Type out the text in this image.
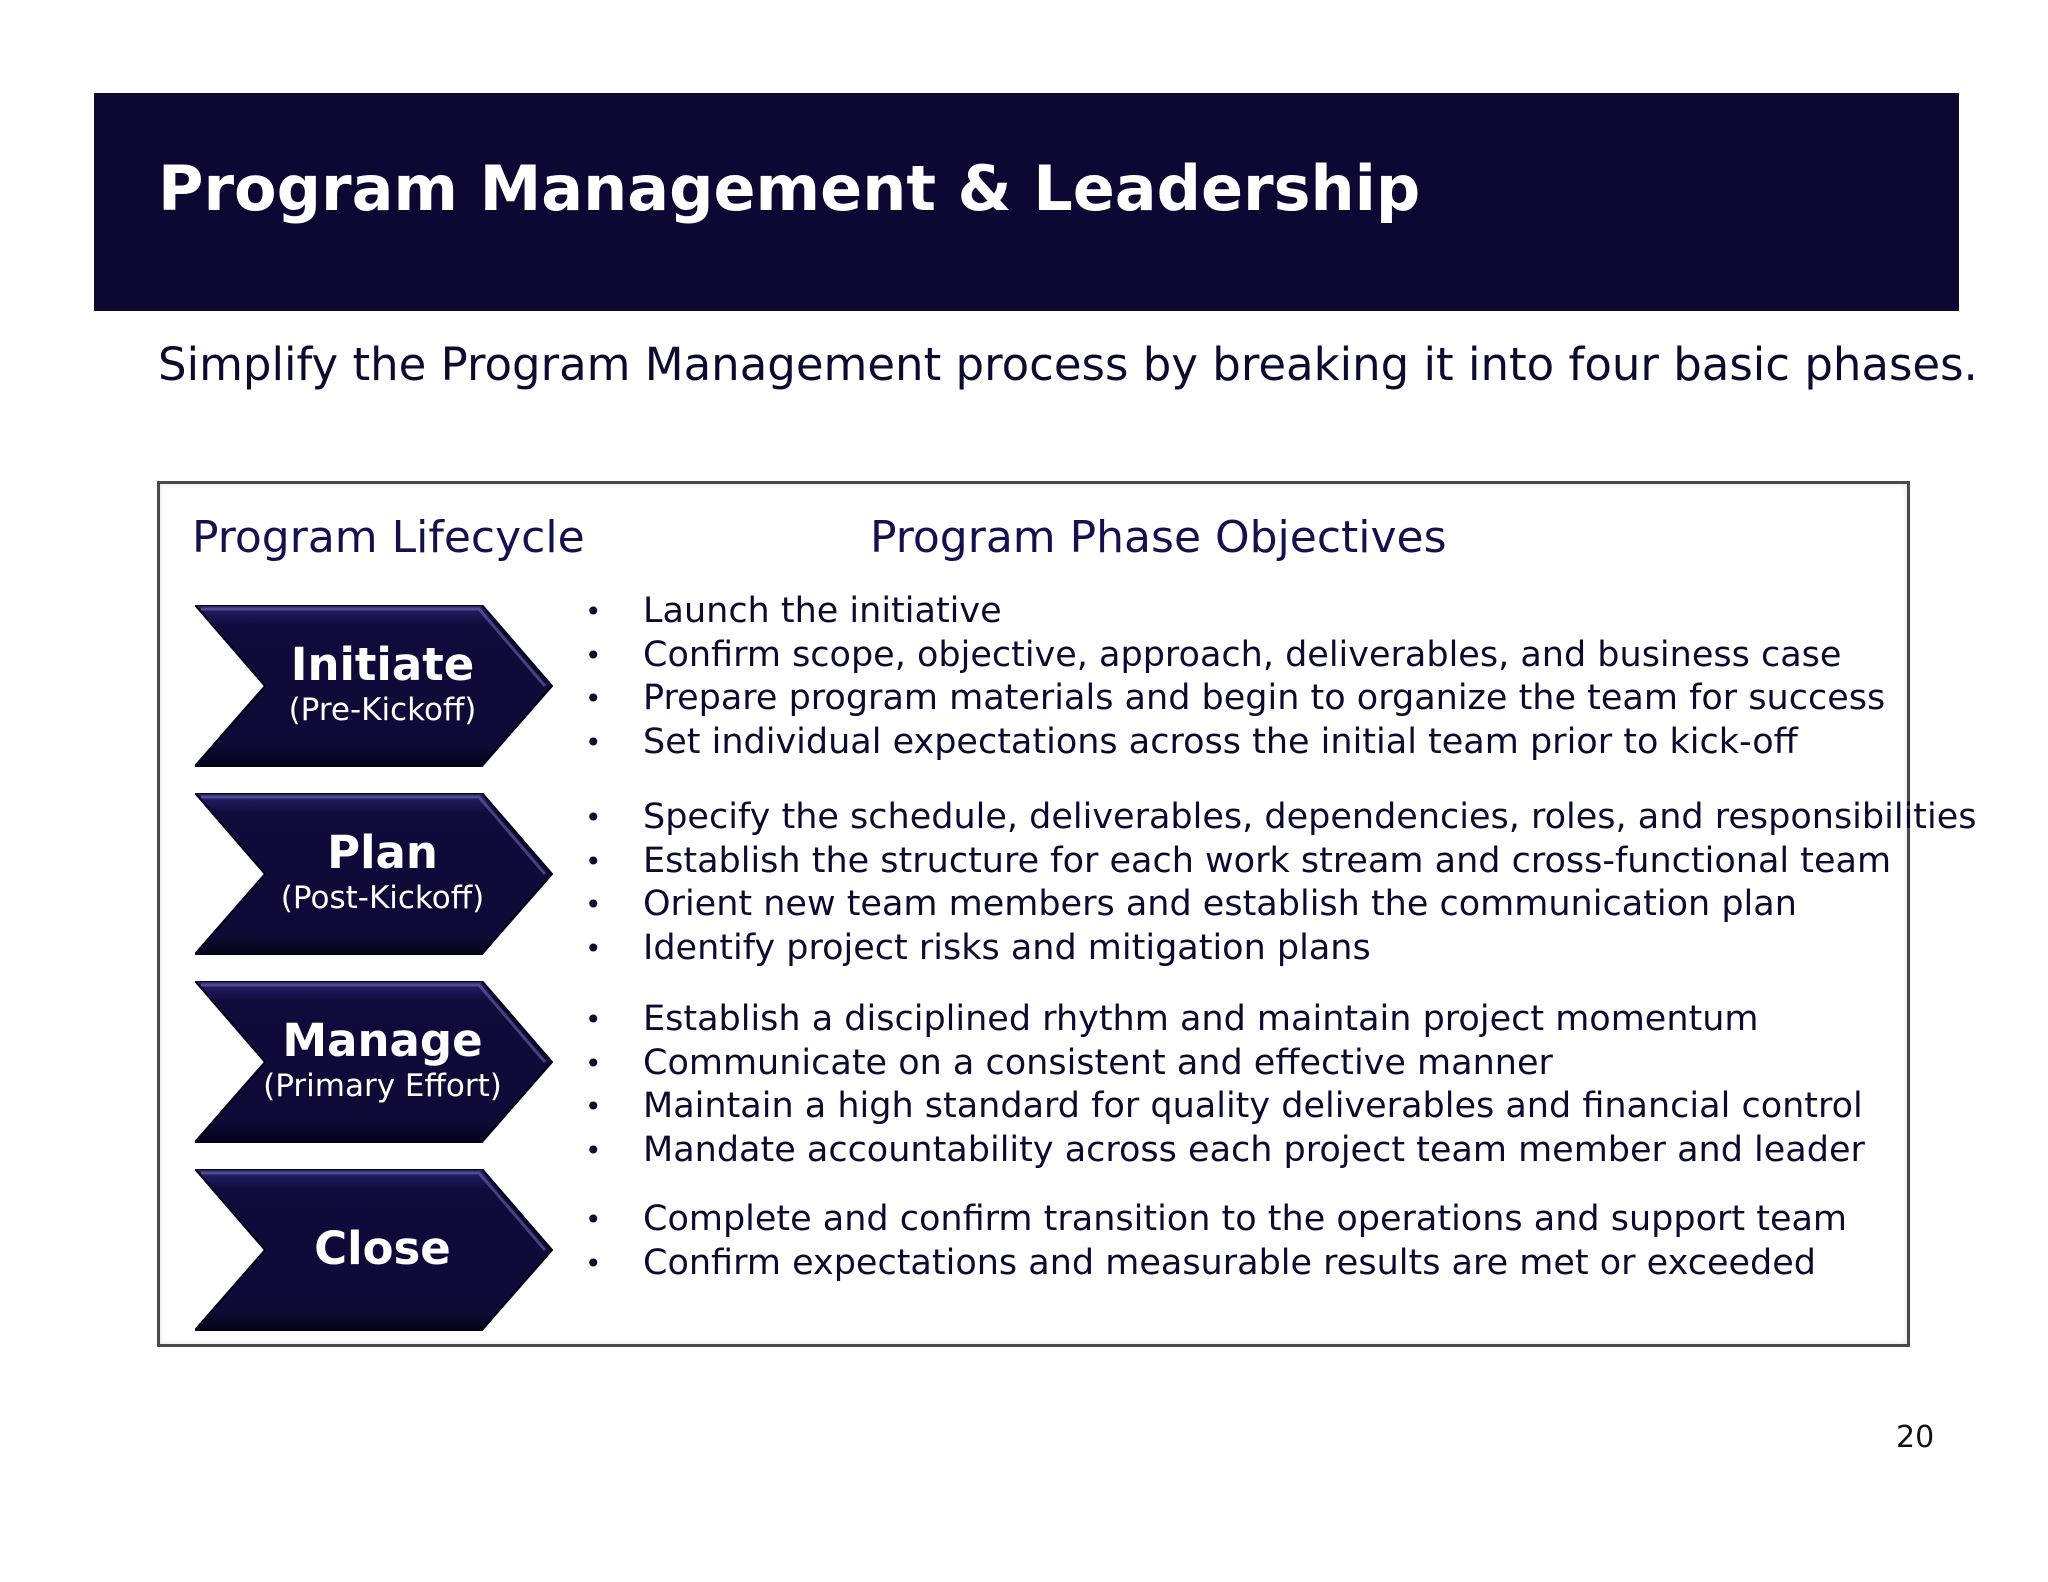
Program Management & Leadership
Simplify the Program Management process by breaking it into four basic phases.
Program Lifecycle	Program Phase Objectives
Initiate
(Pre-Kickoff)
• Launch the initiative
• Confirm scope, objective, approach, deliverables, and business case
• Prepare program materials and begin to organize the team for success
• Set individual expectations across the initial team prior to kick-off
Plan
(Post-Kickoff)
• Specify the schedule, deliverables, dependencies, roles, and responsibilities
• Establish the structure for each work stream and cross-functional team
• Orient new team members and establish the communication plan
• Identify project risks and mitigation plans
Manage
(Primary Effort)
• Establish a disciplined rhythm and maintain project momentum
• Communicate on a consistent and effective manner
• Maintain a high standard for quality deliverables and financial control
• Mandate accountability across each project team member and leader
Close
• Complete and confirm transition to the operations and support team
• Confirm expectations and measurable results are met or exceeded
20
